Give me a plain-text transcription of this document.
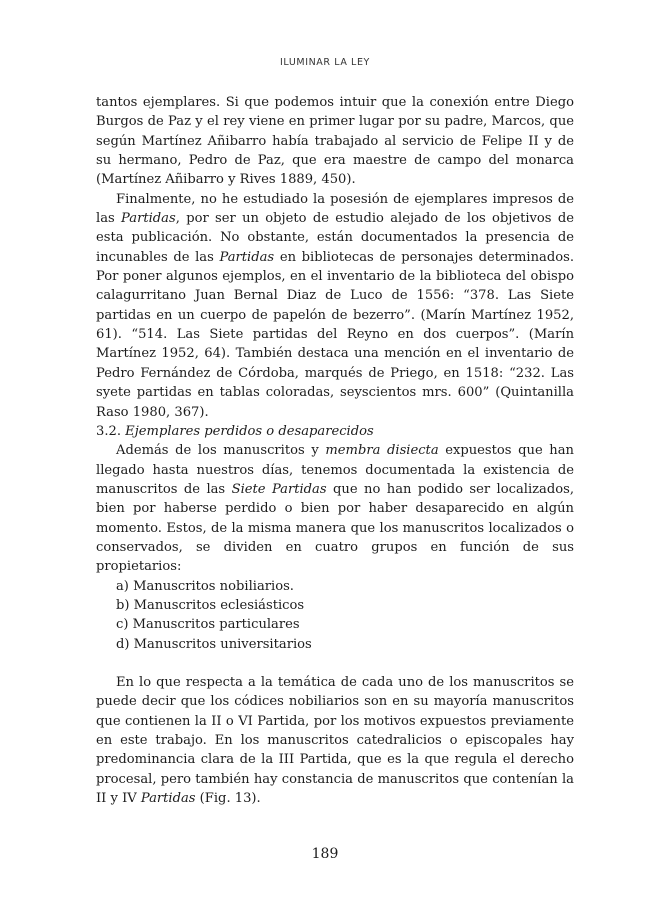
ILUMINAR LA LEY

tantos ejemplares. Si que podemos intuir que la conexión entre Diego Burgos de Paz y el rey viene en primer lugar por su padre, Marcos, que según Martínez Añibarro había trabajado al servicio de Felipe II y de su hermano, Pedro de Paz, que era maestre de campo del monarca (Martínez Añibarro y Rives 1889, 450).

Finalmente, no he estudiado la posesión de ejemplares impresos de las Partidas, por ser un objeto de estudio alejado de los objetivos de esta publicación. No obstante, están documentados la presencia de incunables de las Partidas en bibliotecas de personajes determinados. Por poner algunos ejemplos, en el inventario de la biblioteca del obispo calagurritano Juan Bernal Diaz de Luco de 1556: “378. Las Siete partidas en un cuerpo de papelón de bezerro”. (Marín Martínez 1952, 61). “514. Las Siete partidas del Reyno en dos cuerpos”. (Marín Martínez 1952, 64). También destaca una mención en el inventario de Pedro Fernández de Córdoba, marqués de Priego, en 1518: “232. Las syete partidas en tablas coloradas, seyscientos mrs. 600” (Quintanilla Raso 1980, 367).

3.2. Ejemplares perdidos o desaparecidos

Además de los manuscritos y membra disiecta expuestos que han llegado hasta nuestros días, tenemos documentada la existencia de manuscritos de las Siete Partidas que no han podido ser localizados, bien por haberse perdido o bien por haber desaparecido en algún momento. Estos, de la misma manera que los manuscritos localizados o conservados, se dividen en cuatro grupos en función de sus propietarios:

a) Manuscritos nobiliarios.

b) Manuscritos eclesiásticos

c) Manuscritos particulares

d) Manuscritos universitarios

En lo que respecta a la temática de cada uno de los manuscritos se puede decir que los códices nobiliarios son en su mayoría manuscritos que contienen la II o VI Partida, por los motivos expuestos previamente en este trabajo. En los manuscritos catedralicios o episcopales hay predominancia clara de la III Partida, que es la que regula el derecho procesal, pero también hay constancia de manuscritos que contenían la II y IV Partidas (Fig. 13).

189
